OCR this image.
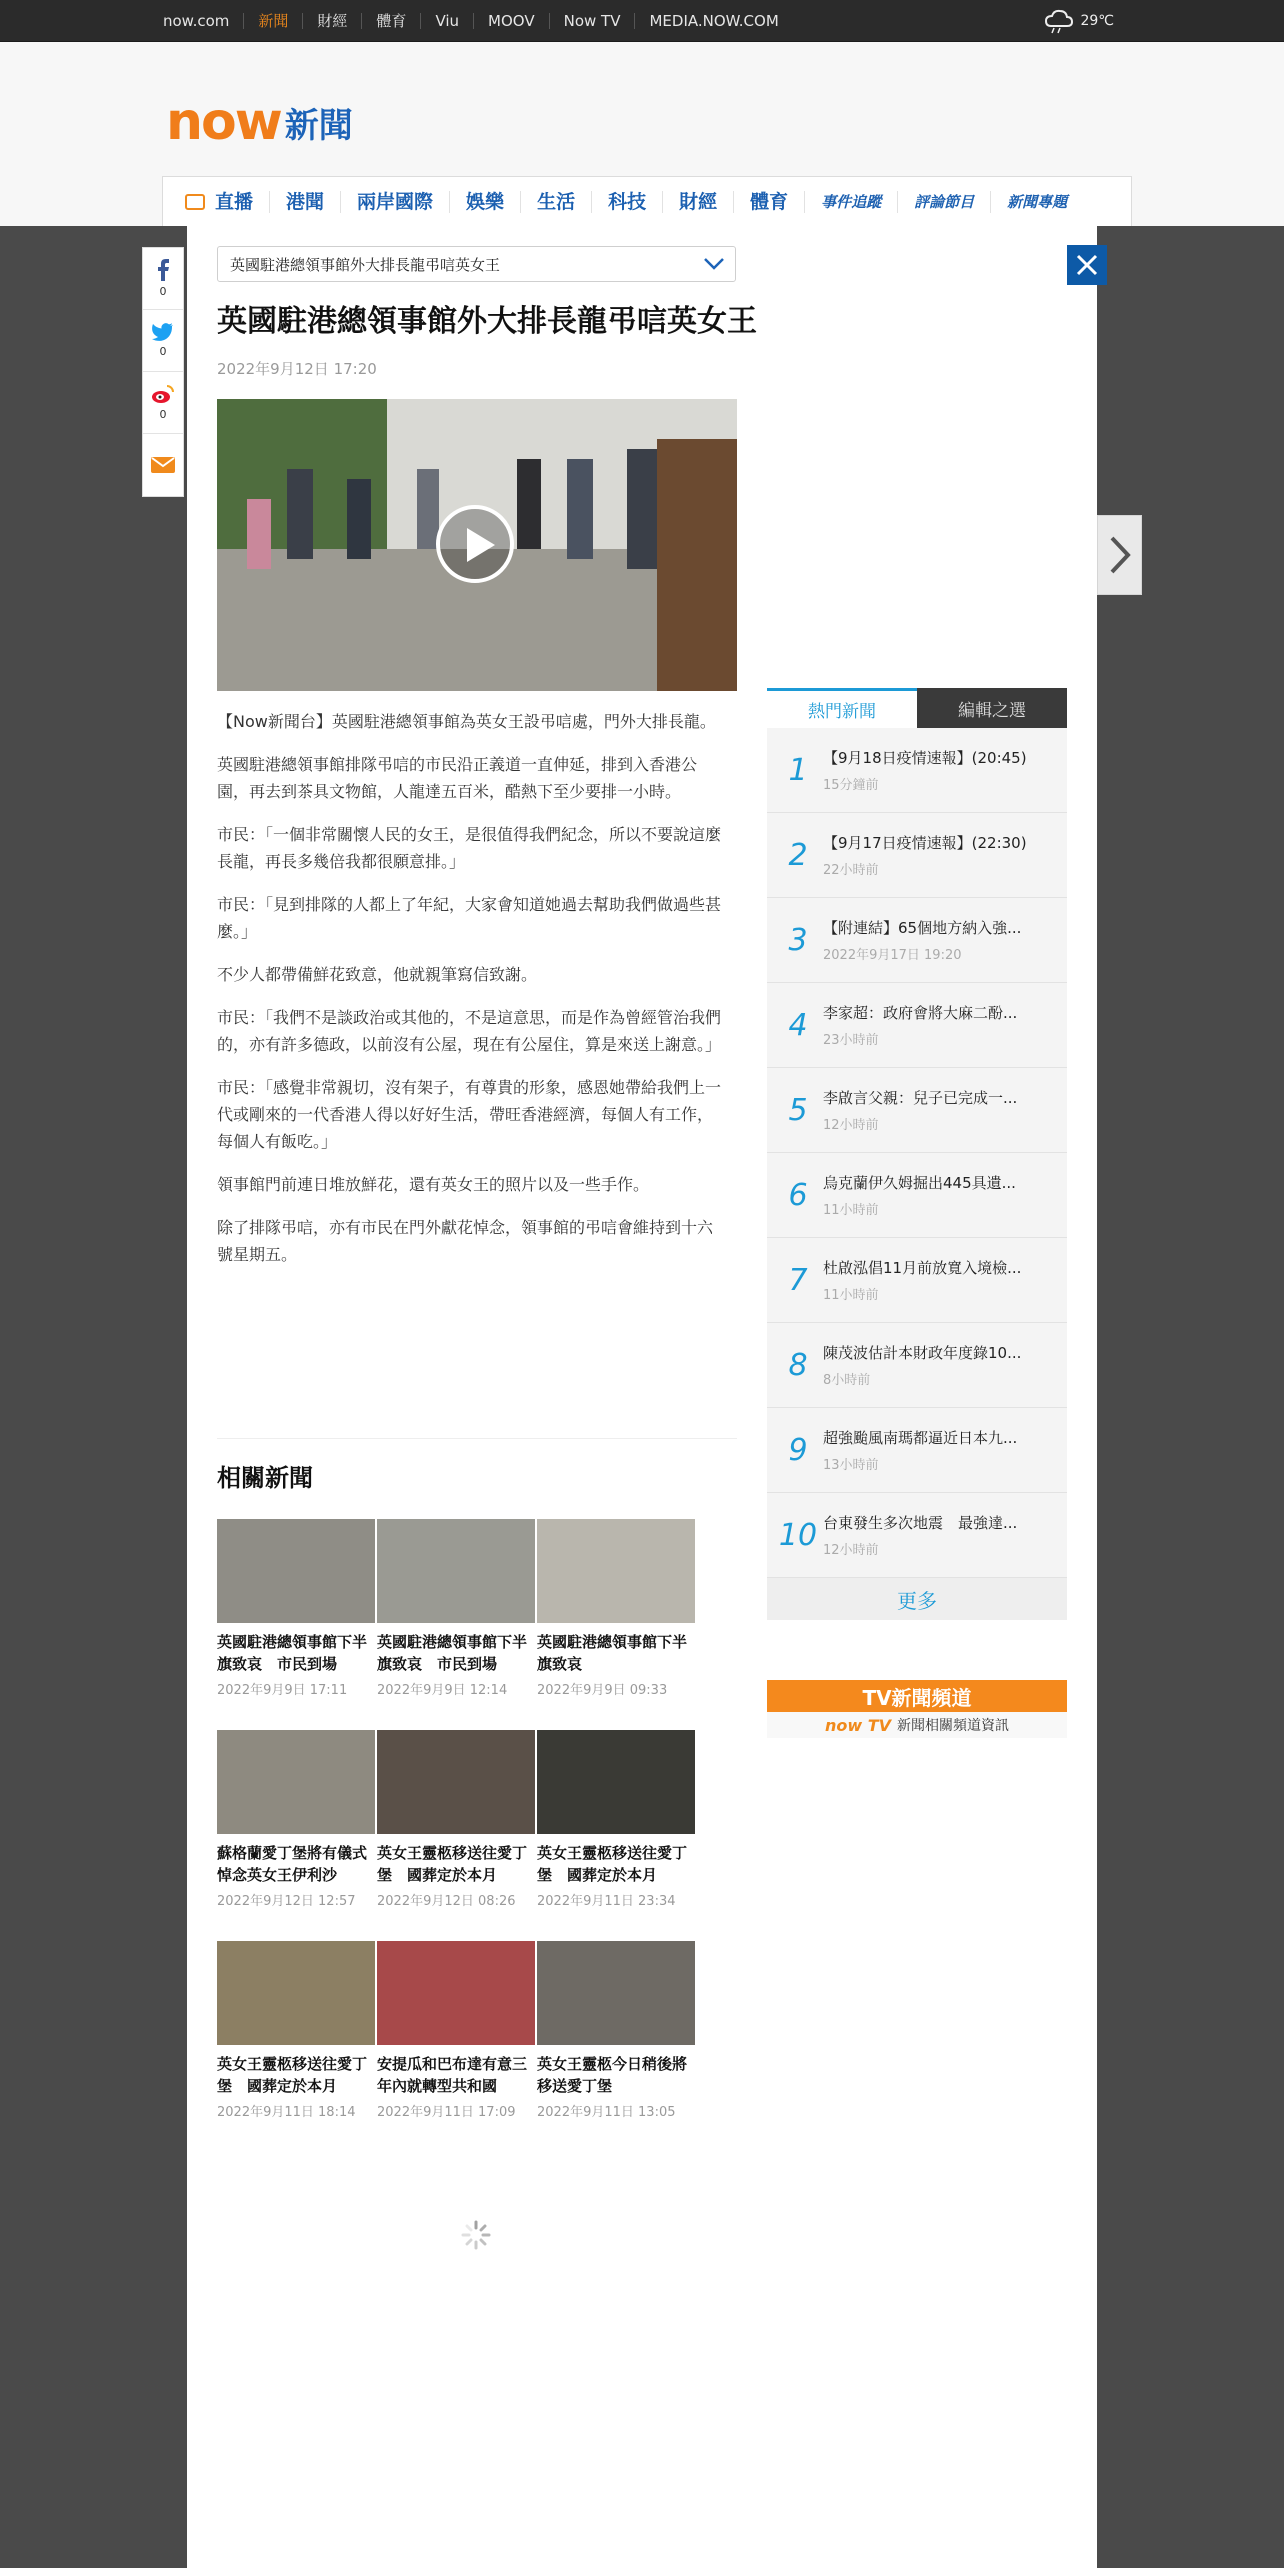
now.com	新聞	財經	體育	Viu	MOOV	Now TV	MEDIA.NOW.COM	29℃
now 新聞
直播	港聞	兩岸國際	娛樂	生活	科技	財經	體育	事件追蹤	評論節目	新聞專題
0
0
0
英國駐港總領事館外大排長龍弔唁英女王
英國駐港總領事館外大排長龍弔唁英女王
2022年9月12日 17:20

【Now新聞台】英國駐港總領事館為英女王設弔唁處，門外大排長龍。

英國駐港總領事館排隊弔唁的市民沿正義道一直伸延，排到入香港公園，再去到茶具文物館，人龍達五百米，酷熱下至少要排一小時。

市民：「一個非常關懷人民的女王，是很值得我們紀念，所以不要說這麼長龍，再長多幾倍我都很願意排。」

市民：「見到排隊的人都上了年紀，大家會知道她過去幫助我們做過些甚麼。」

不少人都帶備鮮花致意，他就親筆寫信致謝。

市民：「我們不是談政治或其他的，不是這意思，而是作為曾經管治我們的，亦有許多德政，以前沒有公屋，現在有公屋住，算是來送上謝意。」

市民：「感覺非常親切，沒有架子，有尊貴的形象，感恩她帶給我們上一代或剛來的一代香港人得以好好生活，帶旺香港經濟，每個人有工作，每個人有飯吃。」

領事館門前連日堆放鮮花，還有英女王的照片以及一些手作。

除了排隊弔唁，亦有市民在門外獻花悼念，領事館的弔唁會維持到十六號星期五。

相關新聞
英國駐港總領事館下半旗致哀　市民到場
2022年9月9日 17:11
英國駐港總領事館下半旗致哀　市民到場
2022年9月9日 12:14
英國駐港總領事館下半旗致哀
2022年9月9日 09:33
蘇格蘭愛丁堡將有儀式悼念英女王伊利沙
2022年9月12日 12:57
英女王靈柩移送往愛丁堡　國葬定於本月
2022年9月12日 08:26
英女王靈柩移送往愛丁堡　國葬定於本月
2022年9月11日 23:34
英女王靈柩移送往愛丁堡　國葬定於本月
2022年9月11日 18:14
安提瓜和巴布達有意三年內就轉型共和國
2022年9月11日 17:09
英女王靈柩今日稍後將移送愛丁堡
2022年9月11日 13:05
熱門新聞	編輯之選
1	【9月18日疫情速報】(20:45)
15分鐘前
2	【9月17日疫情速報】(22:30)
22小時前
3	【附連結】65個地方納入強...
2022年9月17日 19:20
4	李家超：政府會將大麻二酚...
23小時前
5	李啟言父親：兒子已完成一...
12小時前
6	烏克蘭伊久姆掘出445具遺...
11小時前
7	杜啟泓倡11月前放寬入境檢...
11小時前
8	陳茂波估計本財政年度錄10...
8小時前
9	超強颱風南瑪都逼近日本九...
13小時前
10 台東發生多次地震　最強達...
12小時前
更多
TV新聞頻道
now TV 新聞相關頻道資訊
